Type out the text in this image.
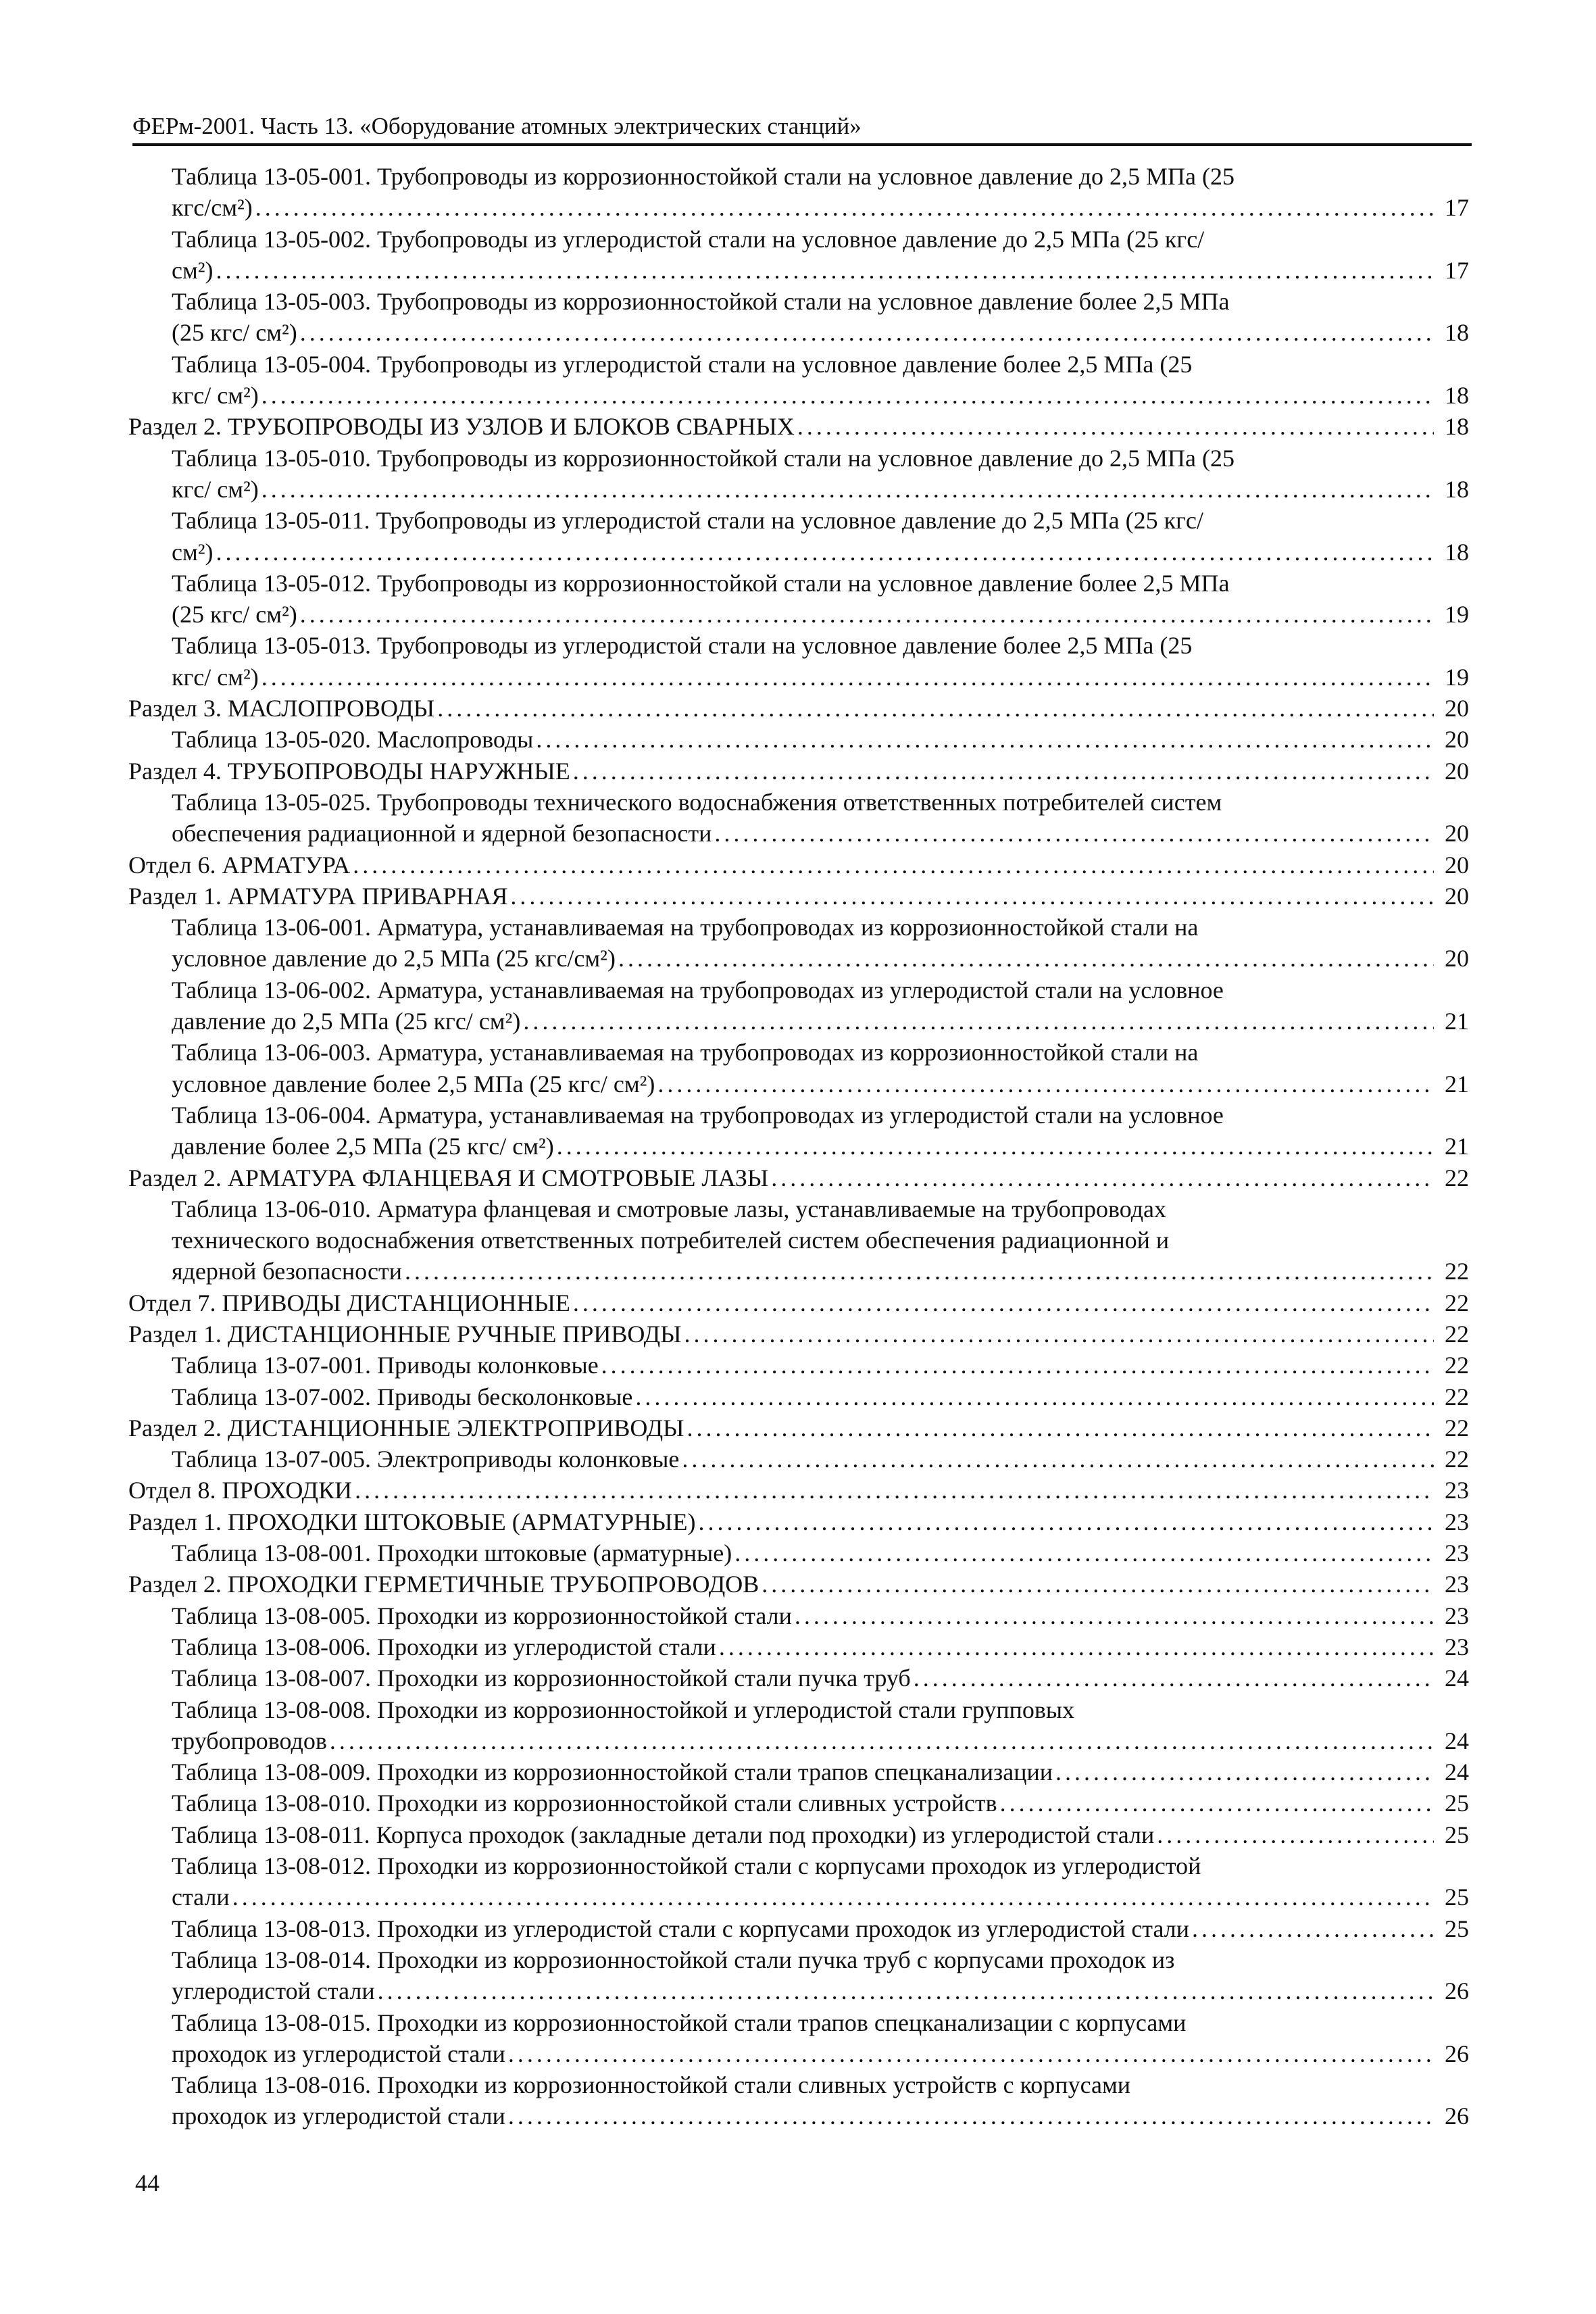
ФЕРм-2001. Часть 13. «Оборудование атомных электрических станций»
Таблица 13-05-001. Трубопроводы из коррозионностойкой стали на условное давление до 2,5 МПа (25
кгс/см²) . . .	17
Таблица 13-05-002. Трубопроводы из углеродистой стали на условное давление до 2,5 МПа (25 кгс/
см²) . . .	17
Таблица 13-05-003. Трубопроводы из коррозионностойкой стали на условное давление более 2,5 МПа
(25 кгс/ см²) . . .	18
Таблица 13-05-004. Трубопроводы из углеродистой стали на условное давление более 2,5 МПа (25
кгс/ см²) . . .	18
Раздел 2. ТРУБОПРОВОДЫ ИЗ УЗЛОВ И БЛОКОВ СВАРНЫХ . . .	18
Таблица 13-05-010. Трубопроводы из коррозионностойкой стали на условное давление до 2,5 МПа (25
кгс/ см²) . . .	18
Таблица 13-05-011. Трубопроводы из углеродистой стали на условное давление до 2,5 МПа (25 кгс/
см²) . . .	18
Таблица 13-05-012. Трубопроводы из коррозионностойкой стали на условное давление более 2,5 МПа
(25 кгс/ см²) . . .	19
Таблица 13-05-013. Трубопроводы из углеродистой стали на условное давление более 2,5 МПа (25
кгс/ см²) . . .	19
Раздел 3. МАСЛОПРОВОДЫ . . .	20
Таблица 13-05-020. Маслопроводы . . .	20
Раздел 4. ТРУБОПРОВОДЫ НАРУЖНЫЕ . . .	20
Таблица 13-05-025. Трубопроводы технического водоснабжения ответственных потребителей систем
обеспечения радиационной и ядерной безопасности . . .	20
Отдел 6. АРМАТУРА . . .	20
Раздел 1. АРМАТУРА ПРИВАРНАЯ . . .	20
Таблица 13-06-001. Арматура, устанавливаемая на трубопроводах из коррозионностойкой стали на
условное давление до 2,5 МПа (25 кгс/см²) . . .	20
Таблица 13-06-002. Арматура, устанавливаемая на трубопроводах из углеродистой стали на условное
давление до 2,5 МПа (25 кгс/ см²) . . .	21
Таблица 13-06-003. Арматура, устанавливаемая на трубопроводах из коррозионностойкой стали на
условное давление более 2,5 МПа (25 кгс/ см²) . . .	21
Таблица 13-06-004. Арматура, устанавливаемая на трубопроводах из углеродистой стали на условное
давление более 2,5 МПа (25 кгс/ см²) . . .	21
Раздел 2. АРМАТУРА ФЛАНЦЕВАЯ И СМОТРОВЫЕ ЛАЗЫ . . .	22
Таблица 13-06-010. Арматура фланцевая и смотровые лазы, устанавливаемые на трубопроводах
технического водоснабжения ответственных потребителей систем обеспечения радиационной и
ядерной безопасности . . .	22
Отдел 7. ПРИВОДЫ ДИСТАНЦИОННЫЕ . . .	22
Раздел 1. ДИСТАНЦИОННЫЕ РУЧНЫЕ ПРИВОДЫ . . .	22
Таблица 13-07-001. Приводы колонковые . . .	22
Таблица 13-07-002. Приводы бесколонковые . . .	22
Раздел 2. ДИСТАНЦИОННЫЕ ЭЛЕКТРОПРИВОДЫ . . .	22
Таблица 13-07-005. Электроприводы колонковые . . .	22
Отдел 8. ПРОХОДКИ . . .	23
Раздел 1. ПРОХОДКИ ШТОКОВЫЕ (АРМАТУРНЫЕ) . . .	23
Таблица 13-08-001. Проходки штоковые (арматурные) . . .	23
Раздел 2. ПРОХОДКИ ГЕРМЕТИЧНЫЕ ТРУБОПРОВОДОВ . . .	23
Таблица 13-08-005. Проходки из коррозионностойкой стали . . .	23
Таблица 13-08-006. Проходки из углеродистой стали . . .	23
Таблица 13-08-007. Проходки из коррозионностойкой стали пучка труб . . .	24
Таблица 13-08-008. Проходки из коррозионностойкой и углеродистой стали групповых
трубопроводов . . .	24
Таблица 13-08-009. Проходки из коррозионностойкой стали трапов спецканализации . . .	24
Таблица 13-08-010. Проходки из коррозионностойкой стали сливных устройств . . .	25
Таблица 13-08-011. Корпуса проходок (закладные детали под проходки) из углеродистой стали . . .	25
Таблица 13-08-012. Проходки из коррозионностойкой стали с корпусами проходок из углеродистой
стали . . .	25
Таблица 13-08-013. Проходки из углеродистой стали с корпусами проходок из углеродистой стали . . .	25
Таблица 13-08-014. Проходки из коррозионностойкой стали пучка труб с корпусами проходок из
углеродистой стали . . .	26
Таблица 13-08-015. Проходки из коррозионностойкой стали трапов спецканализации с корпусами
проходок из углеродистой стали . . .	26
Таблица 13-08-016. Проходки из коррозионностойкой стали сливных устройств с корпусами
проходок из углеродистой стали . . .	26
44
